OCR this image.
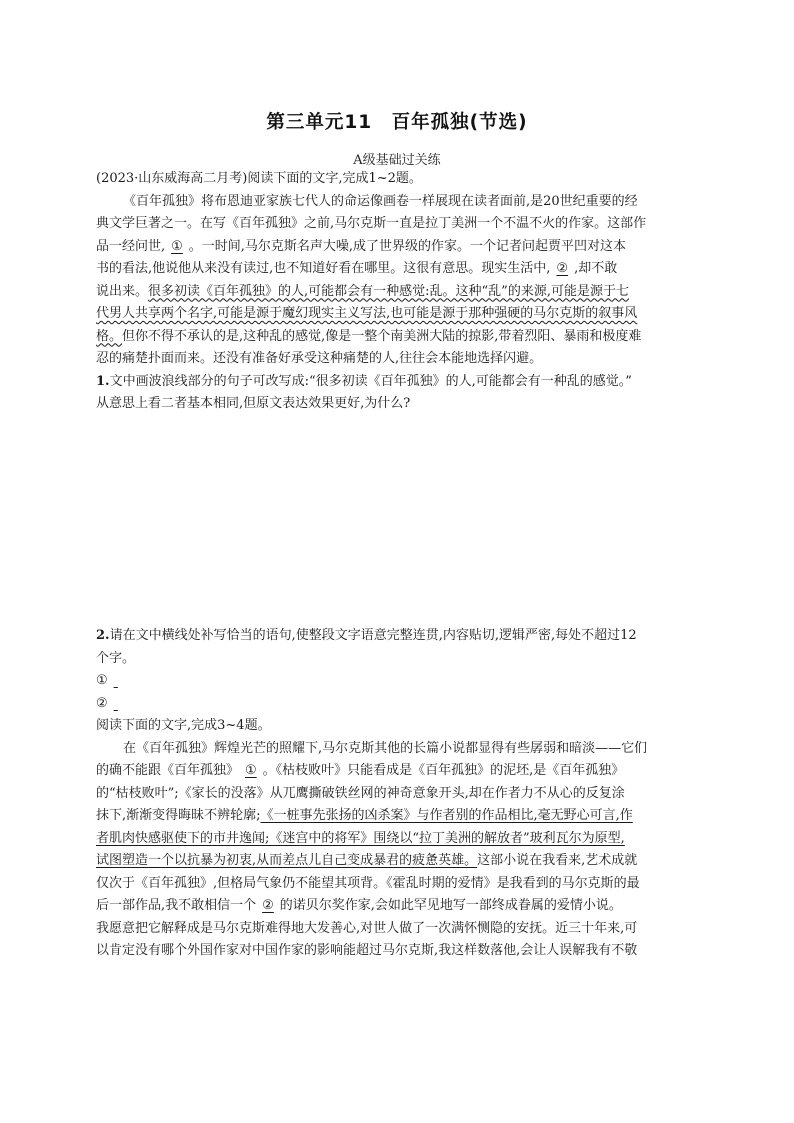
第三单元11　百年孤独(节选)
A级基础过关练
(2023·山东威海高二月考)阅读下面的文字,完成1~2题。
《百年孤独》将布恩迪亚家族七代人的命运像画卷一样展现在读者面前,是20世纪重要的经
典文学巨著之一。在写《百年孤独》之前,马尔克斯一直是拉丁美洲一个不温不火的作家。这部作
品一经问世, ① 。一时间,马尔克斯名声大噪,成了世界级的作家。一个记者问起贾平凹对这本
书的看法,他说他从来没有读过,也不知道好看在哪里。这很有意思。现实生活中, ② ,却不敢
说出来。很多初读《百年孤独》的人,可能都会有一种感觉:乱。这种“乱”的来源,可能是源于七
代男人共享两个名字,可能是源于魔幻现实主义写法,也可能是源于那种强硬的马尔克斯的叙事风
格。但你不得不承认的是,这种乱的感觉,像是一整个南美洲大陆的掠影,带着烈阳、暴雨和极度难
忍的痛楚扑面而来。还没有准备好承受这种痛楚的人,往往会本能地选择闪避。
1.文中画波浪线部分的句子可改写成:“很多初读《百年孤独》的人,可能都会有一种乱的感觉。”
从意思上看二者基本相同,但原文表达效果更好,为什么?
2.请在文中横线处补写恰当的语句,使整段文字语意完整连贯,内容贴切,逻辑严密,每处不超过12
个字。
①
②
阅读下面的文字,完成3~4题。
在《百年孤独》辉煌光芒的照耀下,马尔克斯其他的长篇小说都显得有些孱弱和暗淡——它们
的确不能跟《百年孤独》 ① 。《枯枝败叶》只能看成是《百年孤独》的泥坯,是《百年孤独》
的“枯枝败叶”;《家长的没落》从兀鹰撕破铁丝网的神奇意象开头,却在作者力不从心的反复涂
抹下,渐渐变得晦昧不辨轮廓;《一桩事先张扬的凶杀案》与作者别的作品相比,毫无野心可言,作
者肌肉快感驱使下的市井逸闻;《迷宫中的将军》围绕以“拉丁美洲的解放者”玻利瓦尔为原型,
试图塑造一个以抗暴为初衷,从而差点儿自己变成暴君的疲惫英雄。这部小说在我看来,艺术成就
仅次于《百年孤独》,但格局气象仍不能望其项背。《霍乱时期的爱情》是我看到的马尔克斯的最
后一部作品,我不敢相信一个 ② 的诺贝尔奖作家,会如此罕见地写一部终成眷属的爱情小说。
我愿意把它解释成是马尔克斯难得地大发善心,对世人做了一次满怀恻隐的安抚。近三十年来,可
以肯定没有哪个外国作家对中国作家的影响能超过马尔克斯,我这样数落他,会让人误解我有不敬
